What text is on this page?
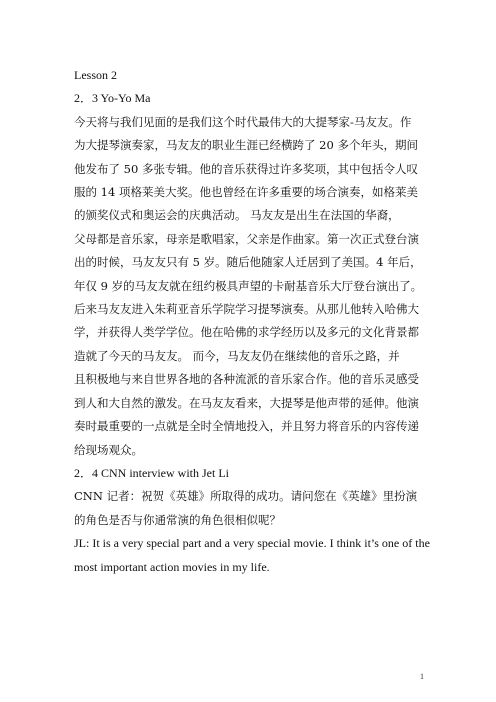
Lesson 2
2．3 Yo-Yo Ma
今天将与我们见面的是我们这个时代最伟大的大提琴家-马友友。作
为大提琴演奏家，马友友的职业生涯已经横跨了 20 多个年头，期间
他发布了 50 多张专辑。他的音乐获得过许多奖项，其中包括令人叹
服的 14 项格莱美大奖。他也曾经在许多重要的场合演奏，如格莱美
的颁奖仪式和奥运会的庆典活动。 马友友是出生在法国的华裔，
父母都是音乐家，母亲是歌唱家，父亲是作曲家。第一次正式登台演
出的时候，马友友只有 5 岁。随后他随家人迁居到了美国。4 年后，
年仅 9 岁的马友友就在纽约极具声望的卡耐基音乐大厅登台演出了。
后来马友友进入朱莉亚音乐学院学习提琴演奏。从那儿他转入哈佛大
学，并获得人类学学位。他在哈佛的求学经历以及多元的文化背景都
造就了今天的马友友。 而今，马友友仍在继续他的音乐之路，并
且积极地与来自世界各地的各种流派的音乐家合作。他的音乐灵感受
到人和大自然的激发。在马友友看来，大提琴是他声带的延伸。他演
奏时最重要的一点就是全时全情地投入，并且努力将音乐的内容传递
给现场观众。
2．4 CNN interview with Jet Li
CNN 记者：祝贺《英雄》所取得的成功。请问您在《英雄》里扮演
的角色是否与你通常演的角色很相似呢？
JL: It is a very special part and a very special movie. I think it’s one of the
most important action movies in my life.
1
